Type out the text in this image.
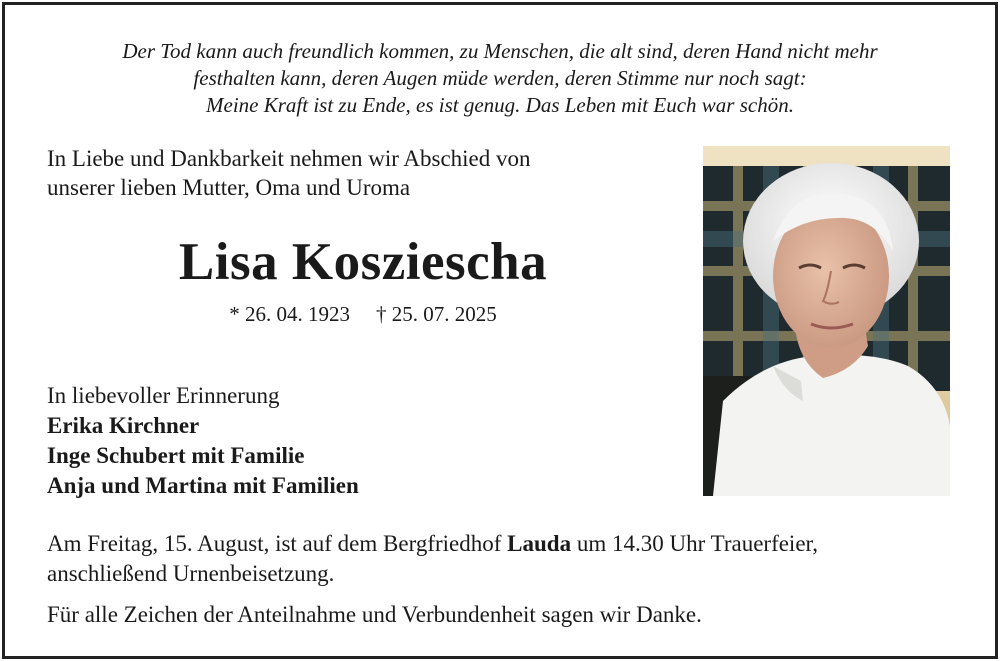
Der Tod kann auch freundlich kommen, zu Menschen, die alt sind, deren Hand nicht mehr
festhalten kann, deren Augen müde werden, deren Stimme nur noch sagt:
Meine Kraft ist zu Ende, es ist genug. Das Leben mit Euch war schön.
In Liebe und Dankbarkeit nehmen wir Abschied von
unserer lieben Mutter, Oma und Uroma
Lisa Kosziescha
* 26. 04. 1923 † 25. 07. 2025
In liebevoller Erinnerung
Erika Kirchner
Inge Schubert mit Familie
Anja und Martina mit Familien

Am Freitag, 15. August, ist auf dem Bergfriedhof Lauda um 14.30 Uhr Trauerfeier,
anschließend Urnenbeisetzung.

Für alle Zeichen der Anteilnahme und Verbundenheit sagen wir Danke.
